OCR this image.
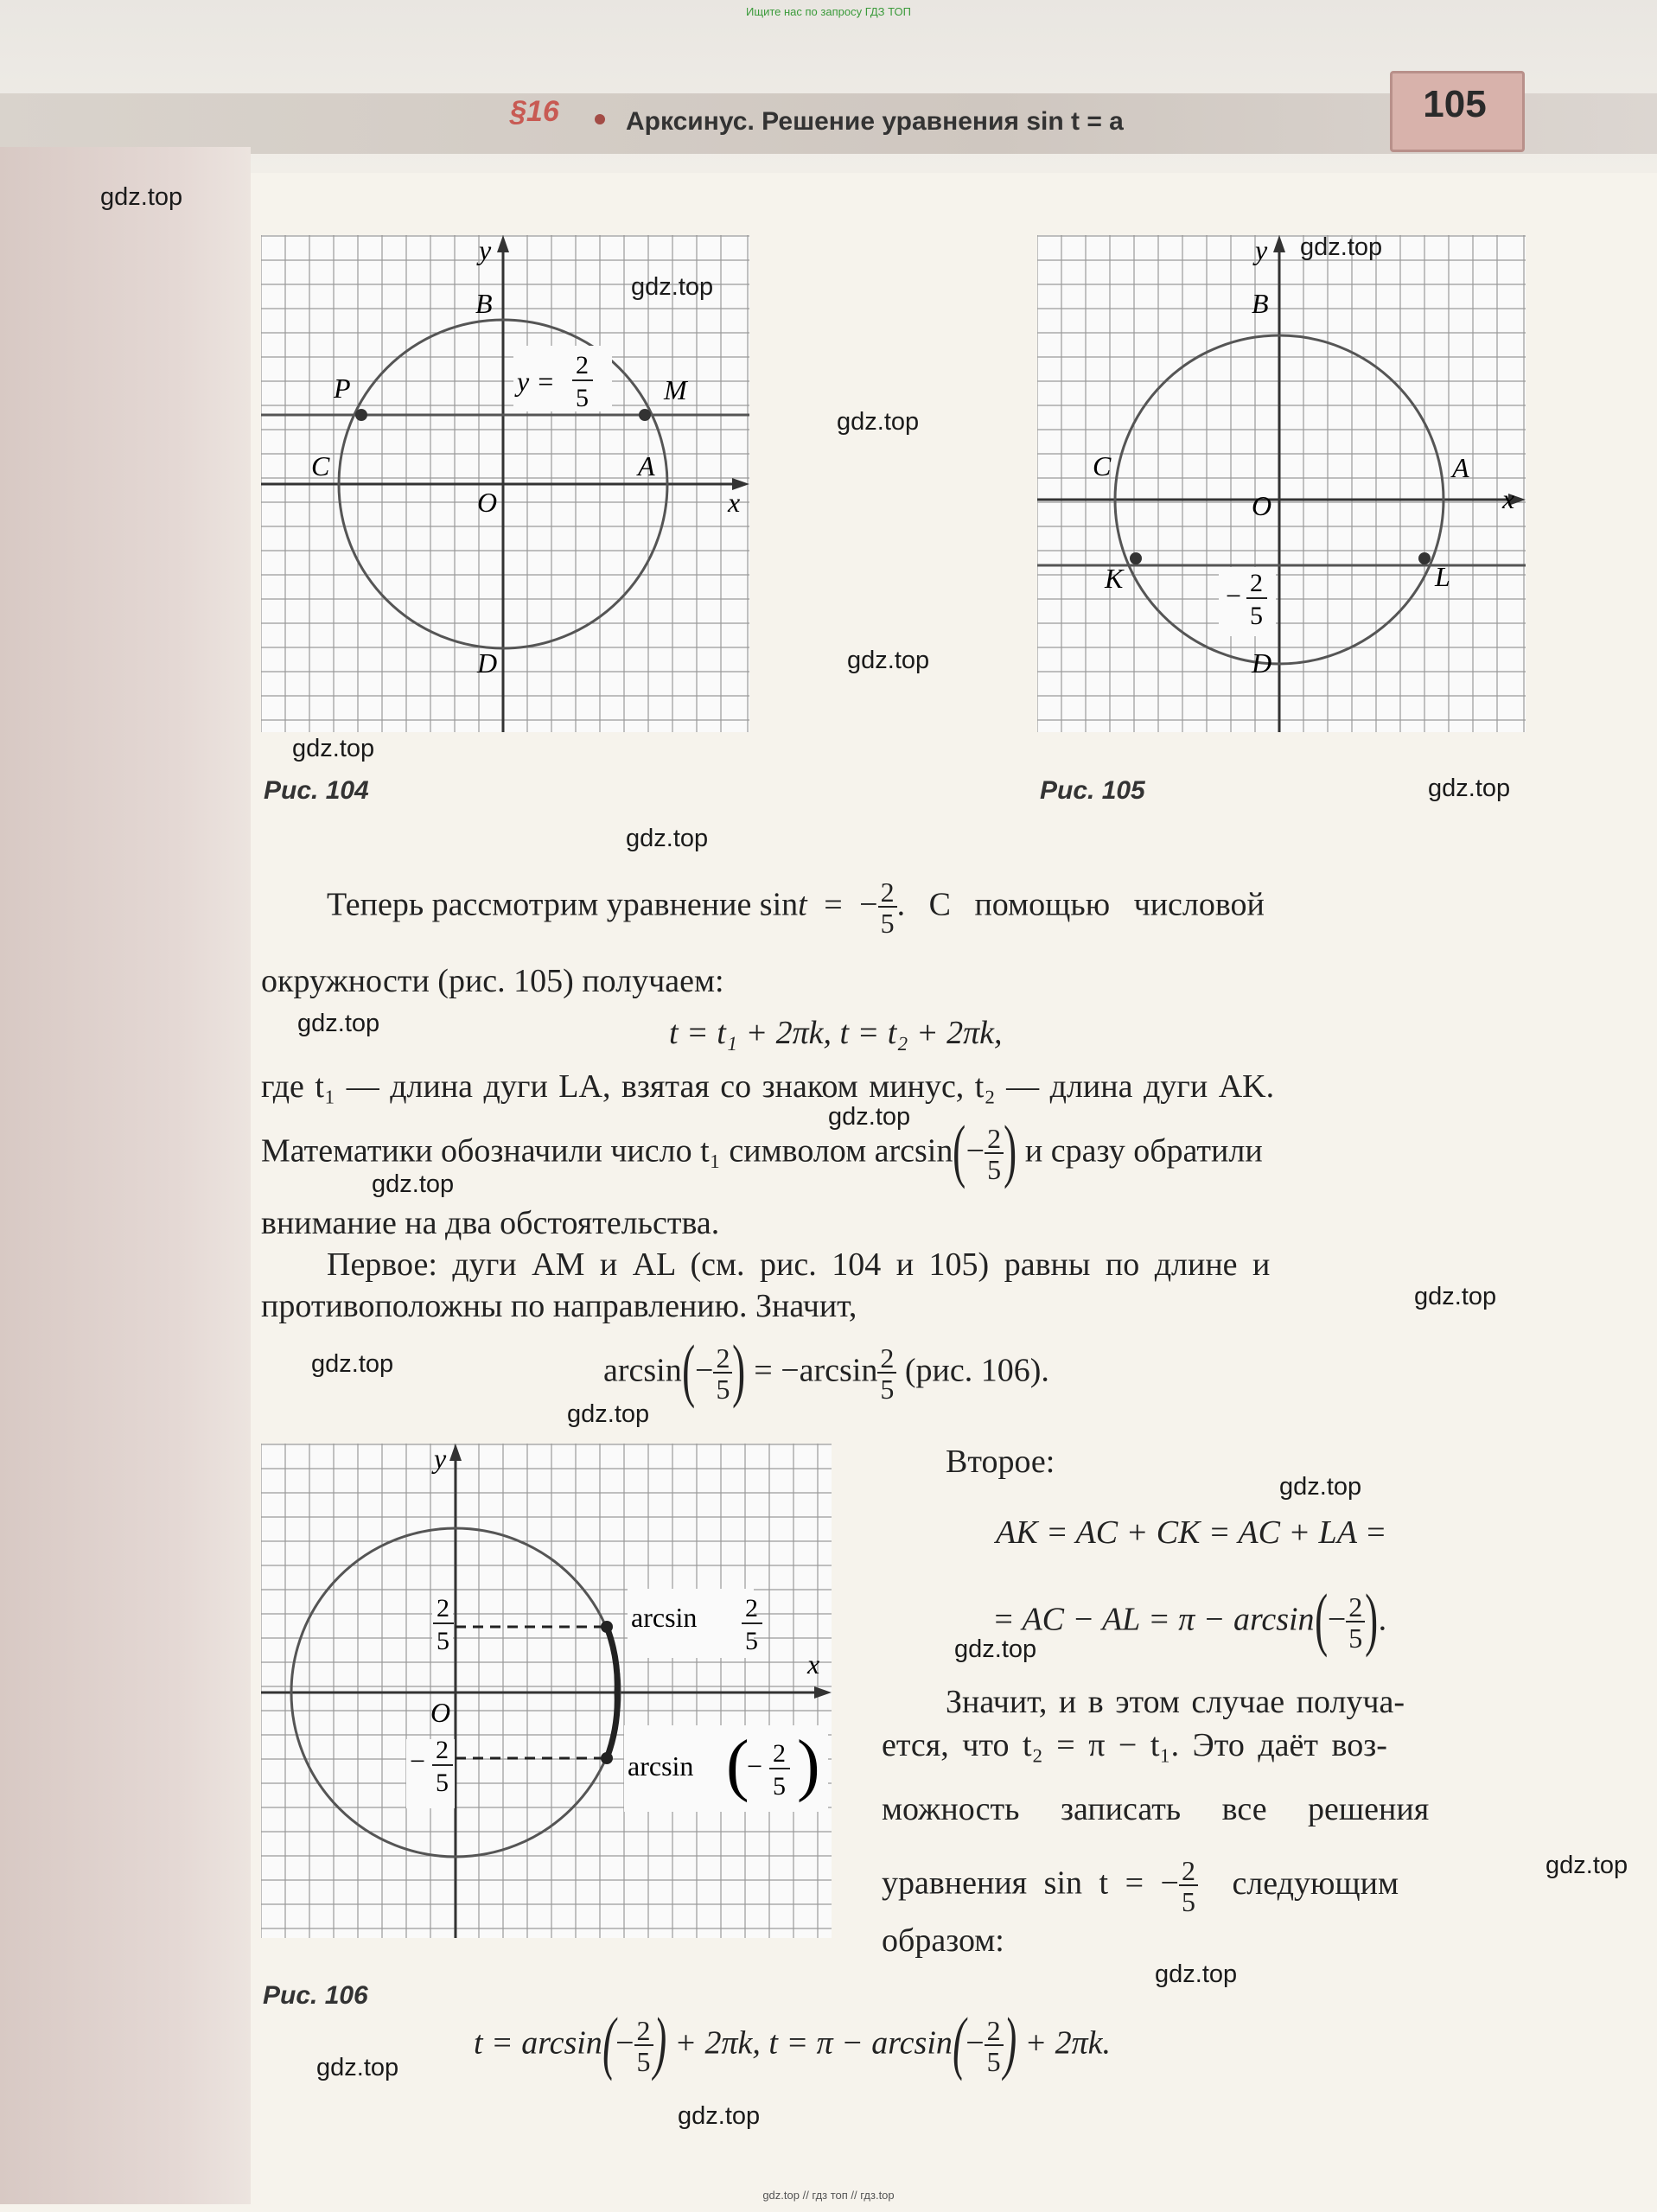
Ищите нас по запросу ГДЗ ТОП
§16	Арксинус. Решение уравнения sin t = a	105
y
x
B
P	M
C	A
O
D
y =
2
5
Рис. 104
y
x
B
C	A
O
K	L
D
− 2
5
Рис. 105
gdz.top
gdz.top
gdz.top
gdz.top
gdz.top
gdz.top
gdz.top
gdz.top
gdz.top
gdz.top
gdz.top
gdz.top
gdz.top
gdz.top
gdz.top
gdz.top
gdz.top
gdz.top
gdz.top
gdz.top
Теперь рассмотрим уравнение sint = − $\frac{2}{5}$ . С помощью числовой
окружности (рис. 105) получаем:
t = t₁ + 2πk, t = t₂ + 2πk,
где t₁ — длина дуги LA, взятая со знаком минус, t₂ — длина дуги AK.
Математики обозначили число t₁ символом $\arcsin(- \frac{2}{5}$ ) и сразу обратили
внимание на два обстоятельства.
Первое: дуги AM и AL (см. рис. 104 и 105) равны по длине и
противоположны по направлению. Значит,
$\arcsin(- \frac{2}{5}$ ) = $-\arcsin \frac{2}{5} (рис$. 106).
y
x
O
2
5
− 2
5
arcsin 2
5
arcsin (
− 2
5 )
Рис. 106
Второе:
AK = AC + CK = AC + LA =
= AC − AL = $\pi - \arcsin(- \frac{2}{5}$ ).
Значит, и в этом случае получа-
ется, что t₂ = π − t₁. Это даёт воз-
можность записать все решения
уравнения sin t = − $\frac{2}{5}$ следующим
образом:
$t = \arcsin(- \frac{2}{5}$ ) + 2πk, $t = \pi - \arcsin(- \frac{2}{5}$ ) + 2πk.
gdz.top // гдз топ // гдз.top
